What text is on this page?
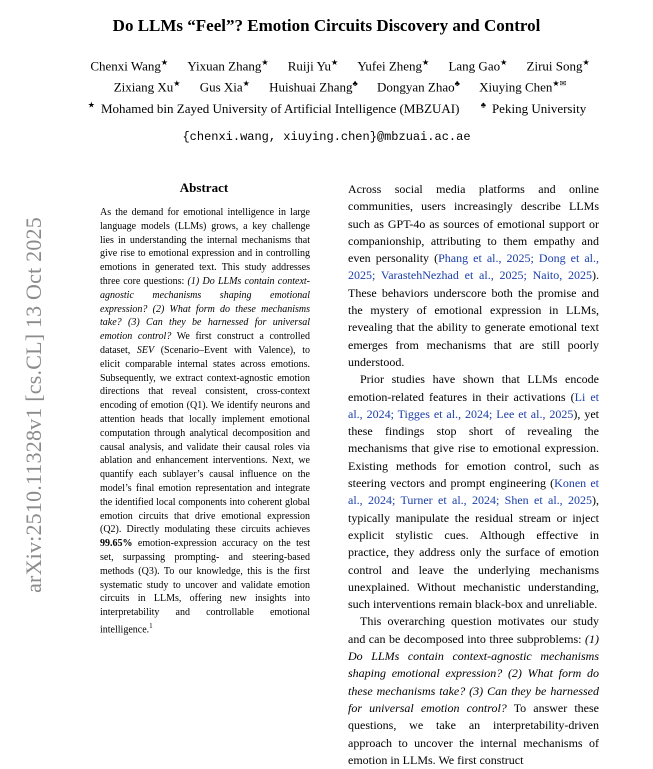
arXiv:2510.11328v1 [cs.CL] 13 Oct 2025
Do LLMs “Feel”? Emotion Circuits Discovery and Control
Chenxi Wang★ Yixuan Zhang★ Ruiji Yu★ Yufei Zheng★ Lang Gao★ Zirui Song★
Zixiang Xu★ Gus Xia★ Huishuai Zhang♣ Dongyan Zhao♣ Xiuying Chen★✉
★ Mohamed bin Zayed University of Artificial Intelligence (MBZUAI)	♣ Peking University
{chenxi.wang, xiuying.chen}@mbzuai.ac.ae
Abstract
As the demand for emotional intelligence in large language models (LLMs) grows, a key challenge lies in understanding the internal mechanisms that give rise to emotional expression and in controlling emotions in generated text. This study addresses three core questions: (1) Do LLMs contain context-agnostic mechanisms shaping emotional expression? (2) What form do these mechanisms take? (3) Can they be harnessed for universal emotion control? We first construct a controlled dataset, SEV (Scenario–Event with Valence), to elicit comparable internal states across emotions. Subsequently, we extract context-agnostic emotion directions that reveal consistent, cross-context encoding of emotion (Q1). We identify neurons and attention heads that locally implement emotional computation through analytical decomposition and causal analysis, and validate their causal roles via ablation and enhancement interventions. Next, we quantify each sublayer’s causal influence on the model’s final emotion representation and integrate the identified local components into coherent global emotion circuits that drive emotional expression (Q2). Directly modulating these circuits achieves 99.65% emotion-expression accuracy on the test set, surpassing prompting- and steering-based methods (Q3). To our knowledge, this is the first systematic study to uncover and validate emotion circuits in LLMs, offering new insights into interpretability and controllable emotional intelligence.$^1$

Across social media platforms and online communities, users increasingly describe LLMs such as GPT-4o as sources of emotional support or companionship, attributing to them empathy and even personality (Phang et al., 2025; Dong et al., 2025; VarastehNezhad et al., 2025; Naito, 2025). These behaviors underscore both the promise and the mystery of emotional expression in LLMs, revealing that the ability to generate emotional text emerges from mechanisms that are still poorly understood.

Prior studies have shown that LLMs encode emotion-related features in their activations (Li et al., 2024; Tigges et al., 2024; Lee et al., 2025), yet these findings stop short of revealing the mechanisms that give rise to emotional expression. Existing methods for emotion control, such as steering vectors and prompt engineering (Konen et al., 2024; Turner et al., 2024; Shen et al., 2025), typically manipulate the residual stream or inject explicit stylistic cues. Although effective in practice, they address only the surface of emotion control and leave the underlying mechanisms unexplained. Without mechanistic understanding, such interventions remain black-box and unreliable.

This overarching question motivates our study and can be decomposed into three subproblems: (1) Do LLMs contain context-agnostic mechanisms shaping emotional expression? (2) What form do these mechanisms take? (3) Can they be harnessed for universal emotion control? To answer these questions, we take an interpretability-driven approach to uncover the internal mechanisms of emotion in LLMs. We first construct
